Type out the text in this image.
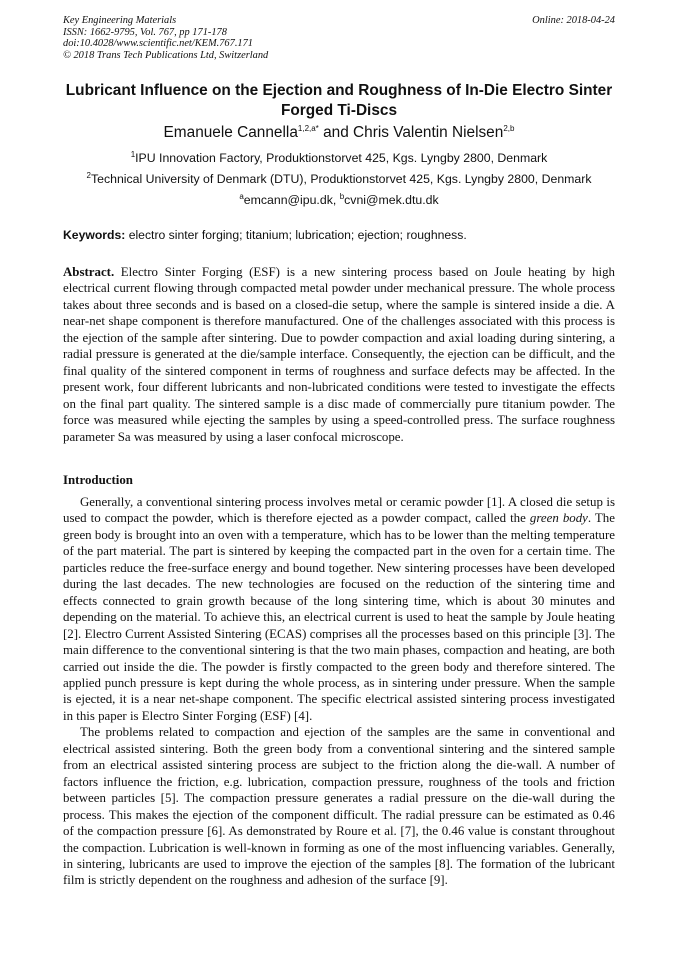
Key Engineering Materials
ISSN: 1662-9795, Vol. 767, pp 171-178
doi:10.4028/www.scientific.net/KEM.767.171
© 2018 Trans Tech Publications Ltd, Switzerland
Online: 2018-04-24
Lubricant Influence on the Ejection and Roughness of In-Die Electro Sinter Forged Ti-Discs
Emanuele Cannella$^{1,2,a*}$ and Chris Valentin Nielsen$^{2,b}$
$^1$IPU Innovation Factory, Produktionstorvet 425, Kgs. Lyngby 2800, Denmark
$^2$Technical University of Denmark (DTU), Produktionstorvet 425, Kgs. Lyngby 2800, Denmark
$^a$emcann@ipu.dk, $^b$cvni@mek.dtu.dk
Keywords: electro sinter forging; titanium; lubrication; ejection; roughness.

Abstract. Electro Sinter Forging (ESF) is a new sintering process based on Joule heating by high electrical current flowing through compacted metal powder under mechanical pressure. The whole process takes about three seconds and is based on a closed-die setup, where the sample is sintered inside a die. A near-net shape component is therefore manufactured. One of the challenges associated with this process is the ejection of the sample after sintering. Due to powder compaction and axial loading during sintering, a radial pressure is generated at the die/sample interface. Consequently, the ejection can be difficult, and the final quality of the sintered component in terms of roughness and surface defects may be affected. In the present work, four different lubricants and non-lubricated conditions were tested to investigate the effects on the final part quality. The sintered sample is a disc made of commercially pure titanium powder. The force was measured while ejecting the samples by using a speed-controlled press. The surface roughness parameter Sa was measured by using a laser confocal microscope.

Introduction

Generally, a conventional sintering process involves metal or ceramic powder [1]. A closed die setup is used to compact the powder, which is therefore ejected as a powder compact, called the green body. The green body is brought into an oven with a temperature, which has to be lower than the melting temperature of the part material. The part is sintered by keeping the compacted part in the oven for a certain time. The particles reduce the free-surface energy and bound together. New sintering processes have been developed during the last decades. The new technologies are focused on the reduction of the sintering time and effects connected to grain growth because of the long sintering time, which is about 30 minutes and depending on the material. To achieve this, an electrical current is used to heat the sample by Joule heating [2]. Electro Current Assisted Sintering (ECAS) comprises all the processes based on this principle [3]. The main difference to the conventional sintering is that the two main phases, compaction and heating, are both carried out inside the die. The powder is firstly compacted to the green body and therefore sintered. The applied punch pressure is kept during the whole process, as in sintering under pressure. When the sample is ejected, it is a near net-shape component. The specific electrical assisted sintering process investigated in this paper is Electro Sinter Forging (ESF) [4].

The problems related to compaction and ejection of the samples are the same in conventional and electrical assisted sintering. Both the green body from a conventional sintering and the sintered sample from an electrical assisted sintering process are subject to the friction along the die-wall. A number of factors influence the friction, e.g. lubrication, compaction pressure, roughness of the tools and friction between particles [5]. The compaction pressure generates a radial pressure on the die-wall during the process. This makes the ejection of the component difficult. The radial pressure can be estimated as 0.46 of the compaction pressure [6]. As demonstrated by Roure et al. [7], the 0.46 value is constant throughout the compaction. Lubrication is well-known in forming as one of the most influencing variables. Generally, in sintering, lubricants are used to improve the ejection of the samples [8]. The formation of the lubricant film is strictly dependent on the roughness and adhesion of the surface [9].
